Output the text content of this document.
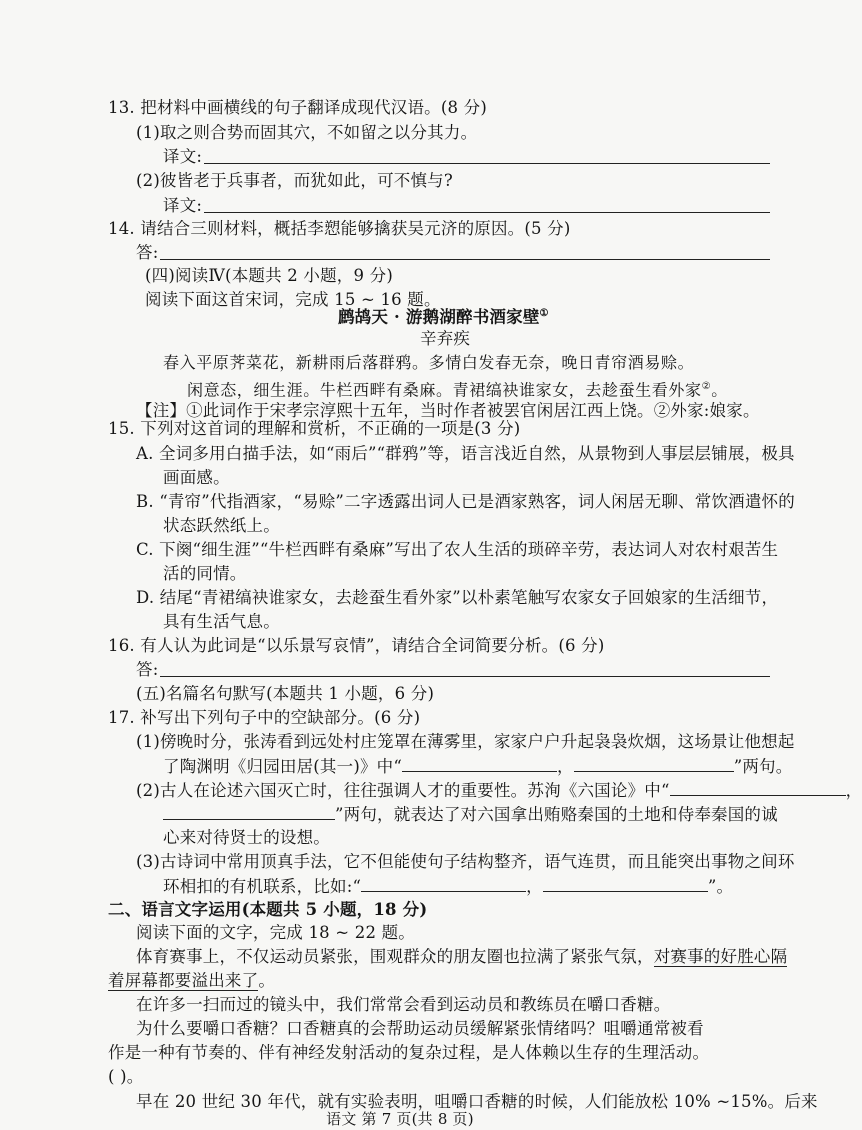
13. 把材料中画横线的句子翻译成现代汉语。(8 分)
(1)取之则合势而固其穴，不如留之以分其力。
译文:
(2)彼皆老于兵事者，而犹如此，可不慎与?
译文:
14. 请结合三则材料，概括李愬能够擒获吴元济的原因。(5 分)
答:
(四)阅读Ⅳ(本题共 2 小题，9 分)
阅读下面这首宋词，完成 15 ~ 16 题。
鹧鸪天 · 游鹅湖醉书酒家壁①
辛弃疾
春入平原荠菜花，新耕雨后落群鸦。多情白发春无奈，晚日青帘酒易赊。
闲意态，细生涯。牛栏西畔有桑麻。青裙缟袂谁家女，去趁蚕生看外家②。
【注】①此词作于宋孝宗淳熙十五年，当时作者被罢官闲居江西上饶。②外家:娘家。
15. 下列对这首词的理解和赏析，不正确的一项是(3 分)
A. 全词多用白描手法，如“雨后”“群鸦”等，语言浅近自然，从景物到人事层层铺展，极具
画面感。
B. “青帘”代指酒家，“易赊”二字透露出词人已是酒家熟客，词人闲居无聊、常饮酒遣怀的
状态跃然纸上。
C. 下阕“细生涯”“牛栏西畔有桑麻”写出了农人生活的琐碎辛劳，表达词人对农村艰苦生
活的同情。
D. 结尾“青裙缟袂谁家女，去趁蚕生看外家”以朴素笔触写农家女子回娘家的生活细节，
具有生活气息。
16. 有人认为此词是“以乐景写哀情”，请结合全词简要分析。(6 分)
答:
(五)名篇名句默写(本题共 1 小题，6 分)
17. 补写出下列句子中的空缺部分。(6 分)
(1)傍晚时分，张涛看到远处村庄笼罩在薄雾里，家家户户升起袅袅炊烟，这场景让他想起
了陶渊明《归园田居(其一)》中“	，	”两句。
(2)古人在论述六国灭亡时，往往强调人才的重要性。苏洵《六国论》中“	，
”两句，就表达了对六国拿出贿赂秦国的土地和侍奉秦国的诚
心来对待贤士的设想。
(3)古诗词中常用顶真手法，它不但能使句子结构整齐，语气连贯，而且能突出事物之间环
环相扣的有机联系，比如:“	，	”。
二、语言文字运用(本题共 5 小题，18 分)
阅读下面的文字，完成 18 ~ 22 题。
体育赛事上，不仅运动员紧张，围观群众的朋友圈也拉满了紧张气氛，对赛事的好胜心隔
着屏幕都要溢出来了。
在许多一扫而过的镜头中，我们常常会看到运动员和教练员在嚼口香糖。
为什么要嚼口香糖？口香糖真的会帮助运动员缓解紧张情绪吗？咀嚼通常被看
作是一种有节奏的、伴有神经发射活动的复杂过程，是人体赖以生存的生理活动。
( )。
早在 20 世纪 30 年代，就有实验表明，咀嚼口香糖的时候，人们能放松 10% ~15%。后来
语文 第 7 页(共 8 页)
